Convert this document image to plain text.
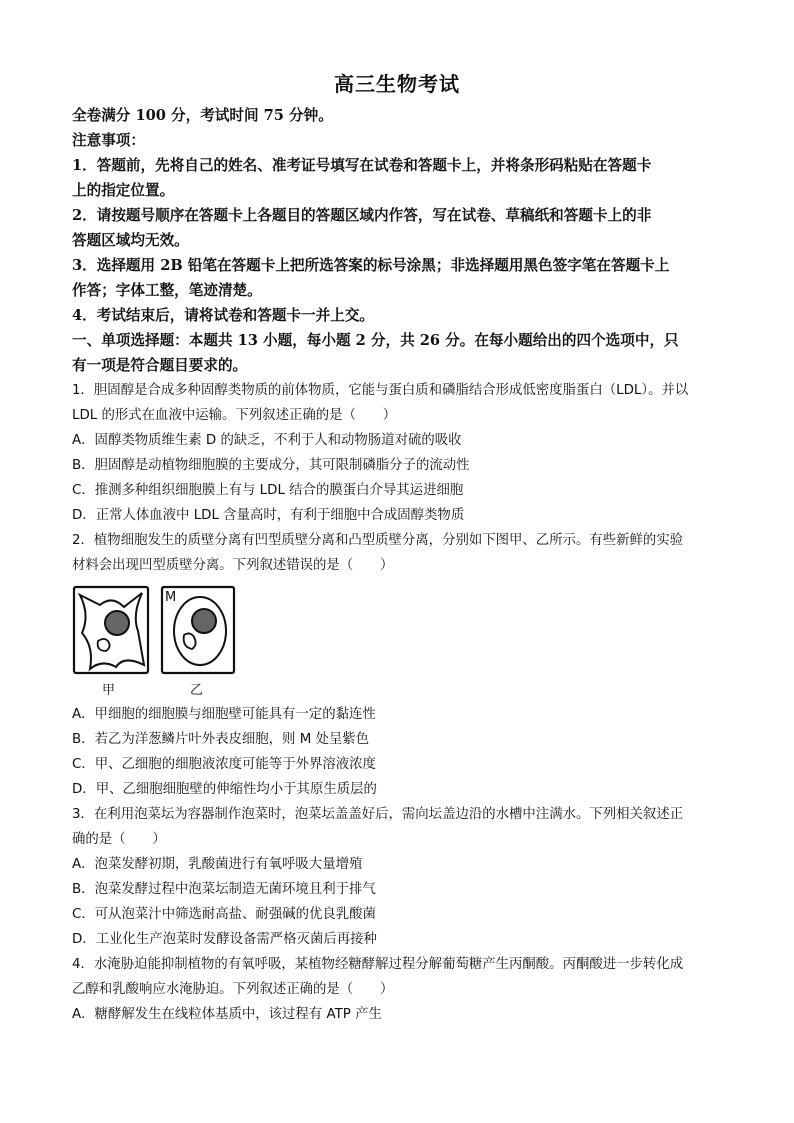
高三生物考试
全卷满分 100 分，考试时间 75 分钟。
注意事项：
1．答题前，先将自己的姓名、准考证号填写在试卷和答题卡上，并将条形码粘贴在答题卡
上的指定位置。
2．请按题号顺序在答题卡上各题目的答题区域内作答，写在试卷、草稿纸和答题卡上的非
答题区域均无效。
3．选择题用 2B 铅笔在答题卡上把所选答案的标号涂黑；非选择题用黑色签字笔在答题卡上
作答；字体工整，笔迹清楚。
4．考试结束后，请将试卷和答题卡一并上交。
一、单项选择题：本题共 13 小题，每小题 2 分，共 26 分。在每小题给出的四个选项中，只
有一项是符合题目要求的。
1．胆固醇是合成多种固醇类物质的前体物质，它能与蛋白质和磷脂结合形成低密度脂蛋白（LDL）。并以
LDL 的形式在血液中运输。下列叙述正确的是（　　）
A．固醇类物质维生素 D 的缺乏，不利于人和动物肠道对硫的吸收
B．胆固醇是动植物细胞膜的主要成分，其可限制磷脂分子的流动性
C．推测多种组织细胞膜上有与 LDL 结合的膜蛋白介导其运进细胞
D．正常人体血液中 LDL 含量高时，有利于细胞中合成固醇类物质
2．植物细胞发生的质壁分离有凹型质壁分离和凸型质壁分离，分别如下图甲、乙所示。有些新鲜的实验
材料会出现凹型质壁分离。下列叙述错误的是（　　）
M
甲	乙
A．甲细胞的细胞膜与细胞壁可能具有一定的黏连性
B．若乙为洋葱鳞片叶外表皮细胞，则 M 处呈紫色
C．甲、乙细胞的细胞液浓度可能等于外界溶液浓度
D．甲、乙细胞细胞壁的伸缩性均小于其原生质层的
3．在利用泡菜坛为容器制作泡菜时，泡菜坛盖盖好后，需向坛盖边沿的水槽中注满水。下列相关叙述正
确的是（　　）
A．泡菜发酵初期，乳酸菌进行有氧呼吸大量增殖
B．泡菜发酵过程中泡菜坛制造无菌环境且利于排气
C．可从泡菜汁中筛选耐高盐、耐强碱的优良乳酸菌
D．工业化生产泡菜时发酵设备需严格灭菌后再接种
4．水淹胁迫能抑制植物的有氧呼吸，某植物经糖酵解过程分解葡萄糖产生丙酮酸。丙酮酸进一步转化成
乙醇和乳酸响应水淹胁迫。下列叙述正确的是（　　）
A．糖酵解发生在线粒体基质中，该过程有 ATP 产生
